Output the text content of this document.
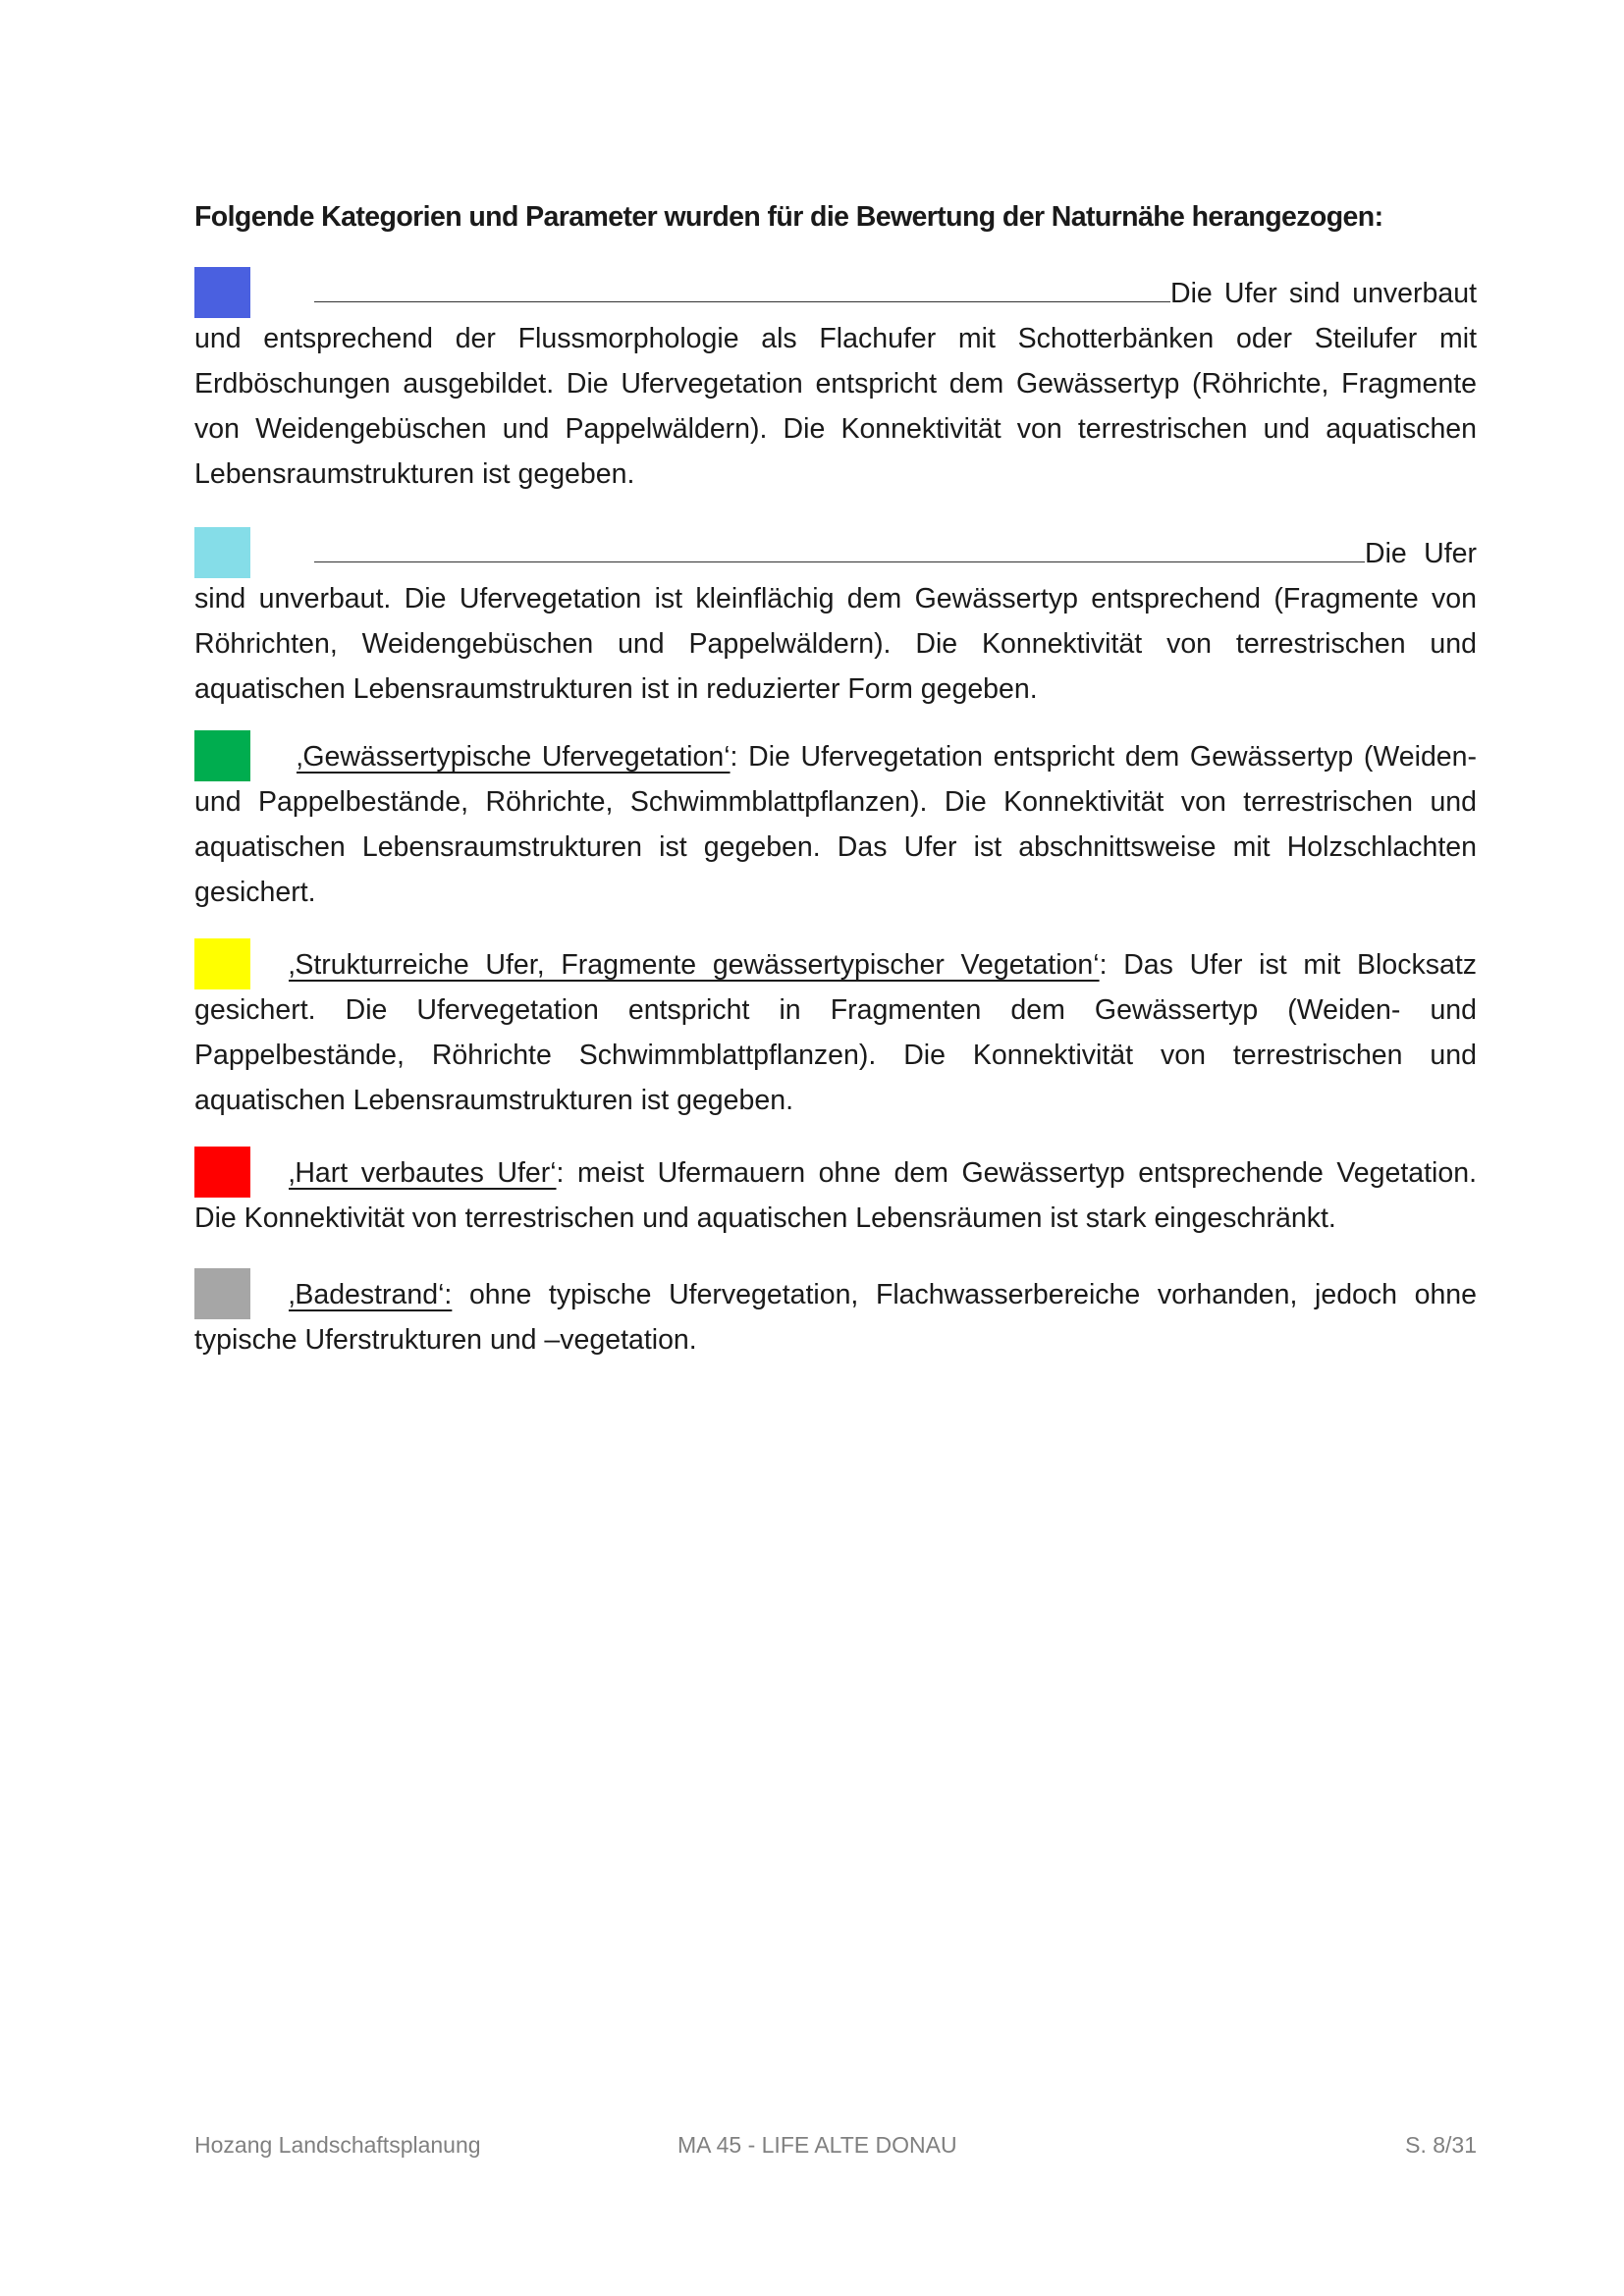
Folgende Kategorien und Parameter wurden für die Bewertung der Naturnähe herangezogen:
Die Ufer sind unverbaut und entsprechend der Flussmorphologie als Flachufer mit Schotterbänken oder Steilufer mit Erdböschungen ausgebildet. Die Ufervegetation entspricht dem Gewässertyp (Röhrichte, Fragmente von Weidengebüschen und Pappelwäldern). Die Konnektivität von terrestrischen und aquatischen Lebensraumstrukturen ist gegeben.
Die Ufer sind unverbaut. Die Ufervegetation ist kleinflächig dem Gewässertyp entsprechend (Fragmente von Röhrichten, Weidengebüschen und Pappelwäldern). Die Konnektivität von terrestrischen und aquatischen Lebensraumstrukturen ist in reduzierter Form gegeben.
‚Gewässertypische Ufervegetation‘: Die Ufervegetation entspricht dem Gewässertyp (Weiden- und Pappelbestände, Röhrichte, Schwimmblattpflanzen). Die Konnektivität von terrestrischen und aquatischen Lebensraumstrukturen ist gegeben. Das Ufer ist abschnittsweise mit Holzschlachten gesichert.
‚Strukturreiche Ufer, Fragmente gewässertypischer Vegetation‘: Das Ufer ist mit Blocksatz gesichert. Die Ufervegetation entspricht in Fragmenten dem Gewässertyp (Weiden- und Pappelbestände, Röhrichte Schwimmblattpflanzen). Die Konnektivität von terrestrischen und aquatischen Lebensraumstrukturen ist gegeben.
‚Hart verbautes Ufer‘: meist Ufermauern ohne dem Gewässertyp entsprechende Vegetation. Die Konnektivität von terrestrischen und aquatischen Lebensräumen ist stark eingeschränkt.
‚Badestrand‘: ohne typische Ufervegetation, Flachwasserbereiche vorhanden, jedoch ohne typische Uferstrukturen und –vegetation.
Hozang Landschaftsplanung	MA 45 - LIFE ALTE DONAU	S. 8/31
